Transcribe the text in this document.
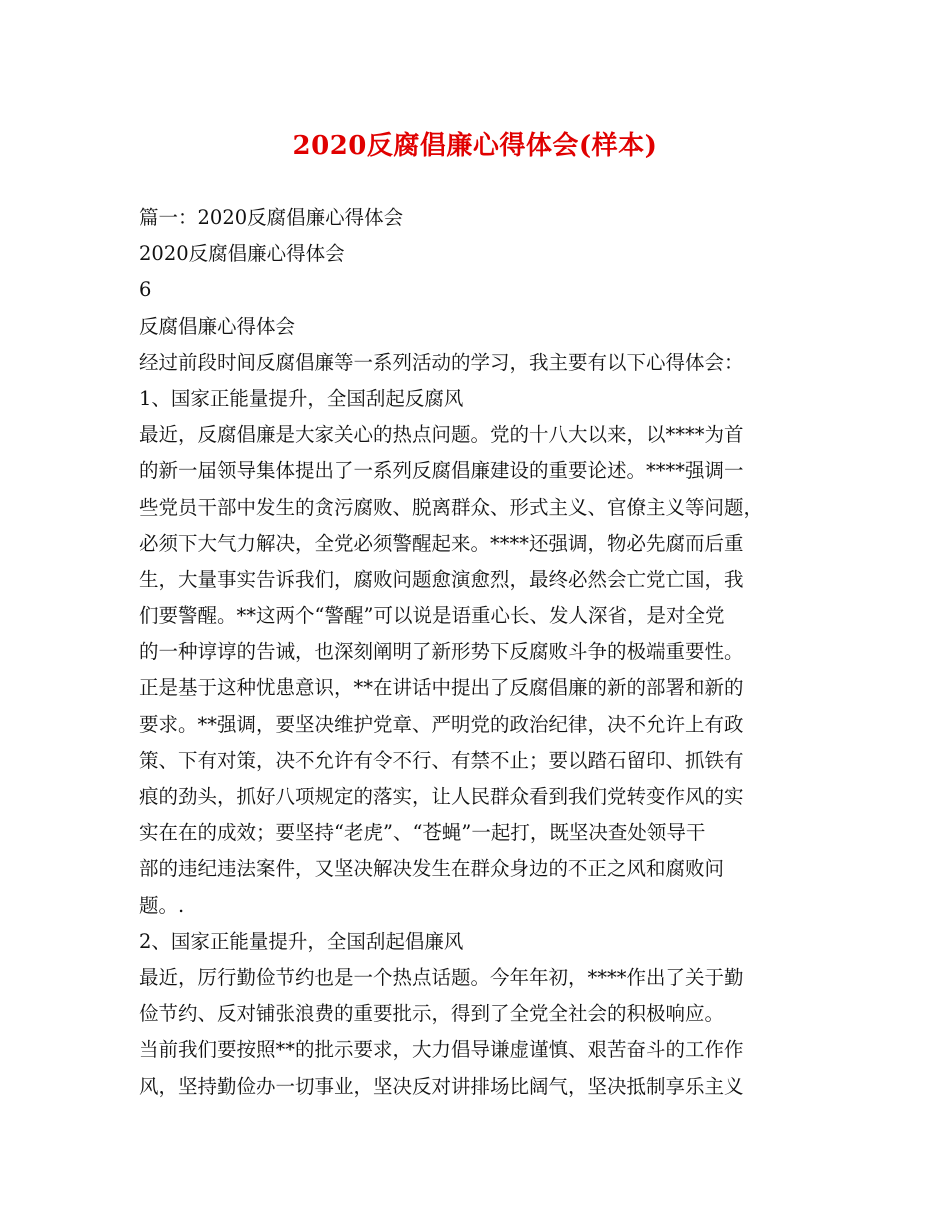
2020反腐倡廉心得体会(样本)
篇一：2020反腐倡廉心得体会
2020反腐倡廉心得体会
6
反腐倡廉心得体会
经过前段时间反腐倡廉等一系列活动的学习，我主要有以下心得体会：
1、国家正能量提升，全国刮起反腐风
最近，反腐倡廉是大家关心的热点问题。党的十八大以来，以****为首
的新一届领导集体提出了一系列反腐倡廉建设的重要论述。****强调一
些党员干部中发生的贪污腐败、脱离群众、形式主义、官僚主义等问题，
必须下大气力解决，全党必须警醒起来。****还强调，物必先腐而后重
生，大量事实告诉我们，腐败问题愈演愈烈，最终必然会亡党亡国，我
们要警醒。**这两个“警醒”可以说是语重心长、发人深省，是对全党
的一种谆谆的告诫，也深刻阐明了新形势下反腐败斗争的极端重要性。
正是基于这种忧患意识，**在讲话中提出了反腐倡廉的新的部署和新的
要求。**强调，要坚决维护党章、严明党的政治纪律，决不允许上有政
策、下有对策，决不允许有令不行、有禁不止；要以踏石留印、抓铁有
痕的劲头，抓好八项规定的落实，让人民群众看到我们党转变作风的实
实在在的成效；要坚持“老虎”、“苍蝇”一起打，既坚决查处领导干
部的违纪违法案件，又坚决解决发生在群众身边的不正之风和腐败问
题。.
2、国家正能量提升，全国刮起倡廉风
最近，厉行勤俭节约也是一个热点话题。今年年初，****作出了关于勤
俭节约、反对铺张浪费的重要批示，得到了全党全社会的积极响应。
当前我们要按照**的批示要求，大力倡导谦虚谨慎、艰苦奋斗的工作作
风，坚持勤俭办一切事业，坚决反对讲排场比阔气，坚决抵制享乐主义
